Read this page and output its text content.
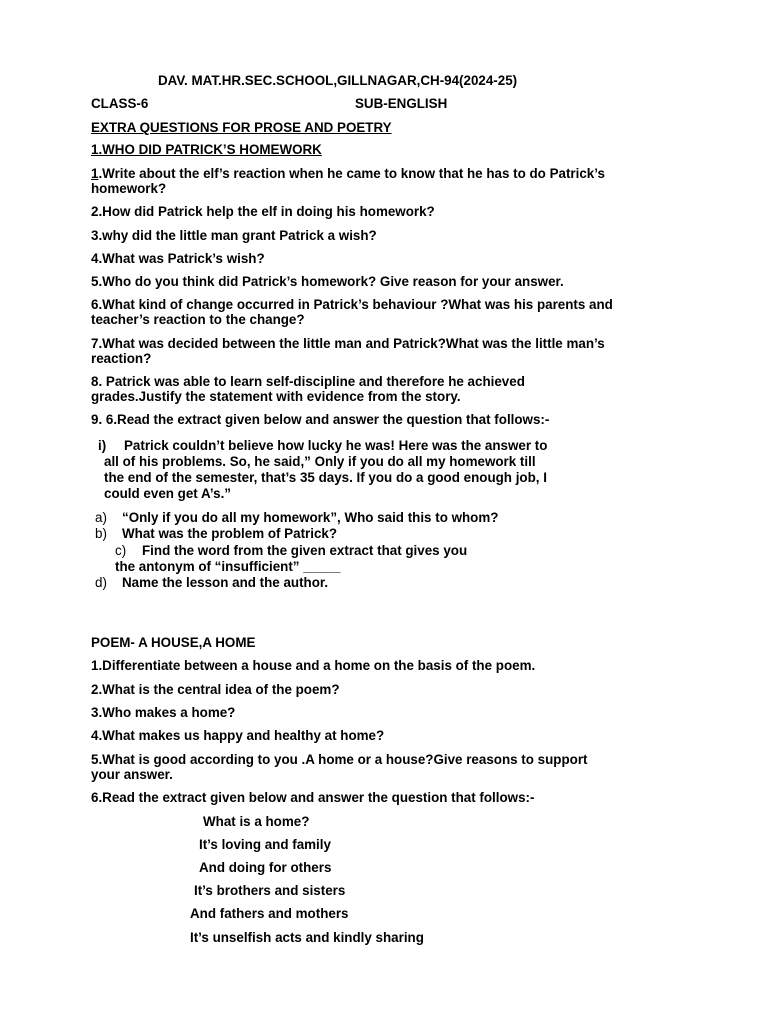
DAV. MAT.HR.SEC.SCHOOL,GILLNAGAR,CH-94(2024-25)
CLASS-6	SUB-ENGLISH
EXTRA QUESTIONS FOR PROSE AND POETRY
1.WHO DID PATRICK’S HOMEWORK
1.Write about the elf’s reaction when he came to know that he has to do Patrick’s
homework?
2.How did Patrick help the elf in doing his homework?
3.why did the little man grant Patrick a wish?
4.What was Patrick’s wish?
5.Who do you think did Patrick’s homework? Give reason for your answer.
6.What kind of change occurred in Patrick’s behaviour ?What was his parents and
teacher’s reaction to the change?
7.What was decided between the little man and Patrick?What was the little man’s
reaction?
8. Patrick was able to learn self-discipline and therefore he achieved
grades.Justify the statement with evidence from the story.
9. 6.Read the extract given below and answer the question that follows:-
i) Patrick couldn’t believe how lucky he was! Here was the answer to
all of his problems. So, he said,” Only if you do all my homework till
the end of the semester, that’s 35 days. If you do a good enough job, I
could even get A’s.”
a) “Only if you do all my homework”, Who said this to whom?
b) What was the problem of Patrick?
c) Find the word from the given extract that gives you
the antonym of “insufficient” _____
d) Name the lesson and the author.
POEM- A HOUSE,A HOME
1.Differentiate between a house and a home on the basis of the poem.
2.What is the central idea of the poem?
3.Who makes a home?
4.What makes us happy and healthy at home?
5.What is good according to you .A home or a house?Give reasons to support
your answer.
6.Read the extract given below and answer the question that follows:-
What is a home?
It’s loving and family
And doing for others
It’s brothers and sisters
And fathers and mothers
It’s unselfish acts and kindly sharing
